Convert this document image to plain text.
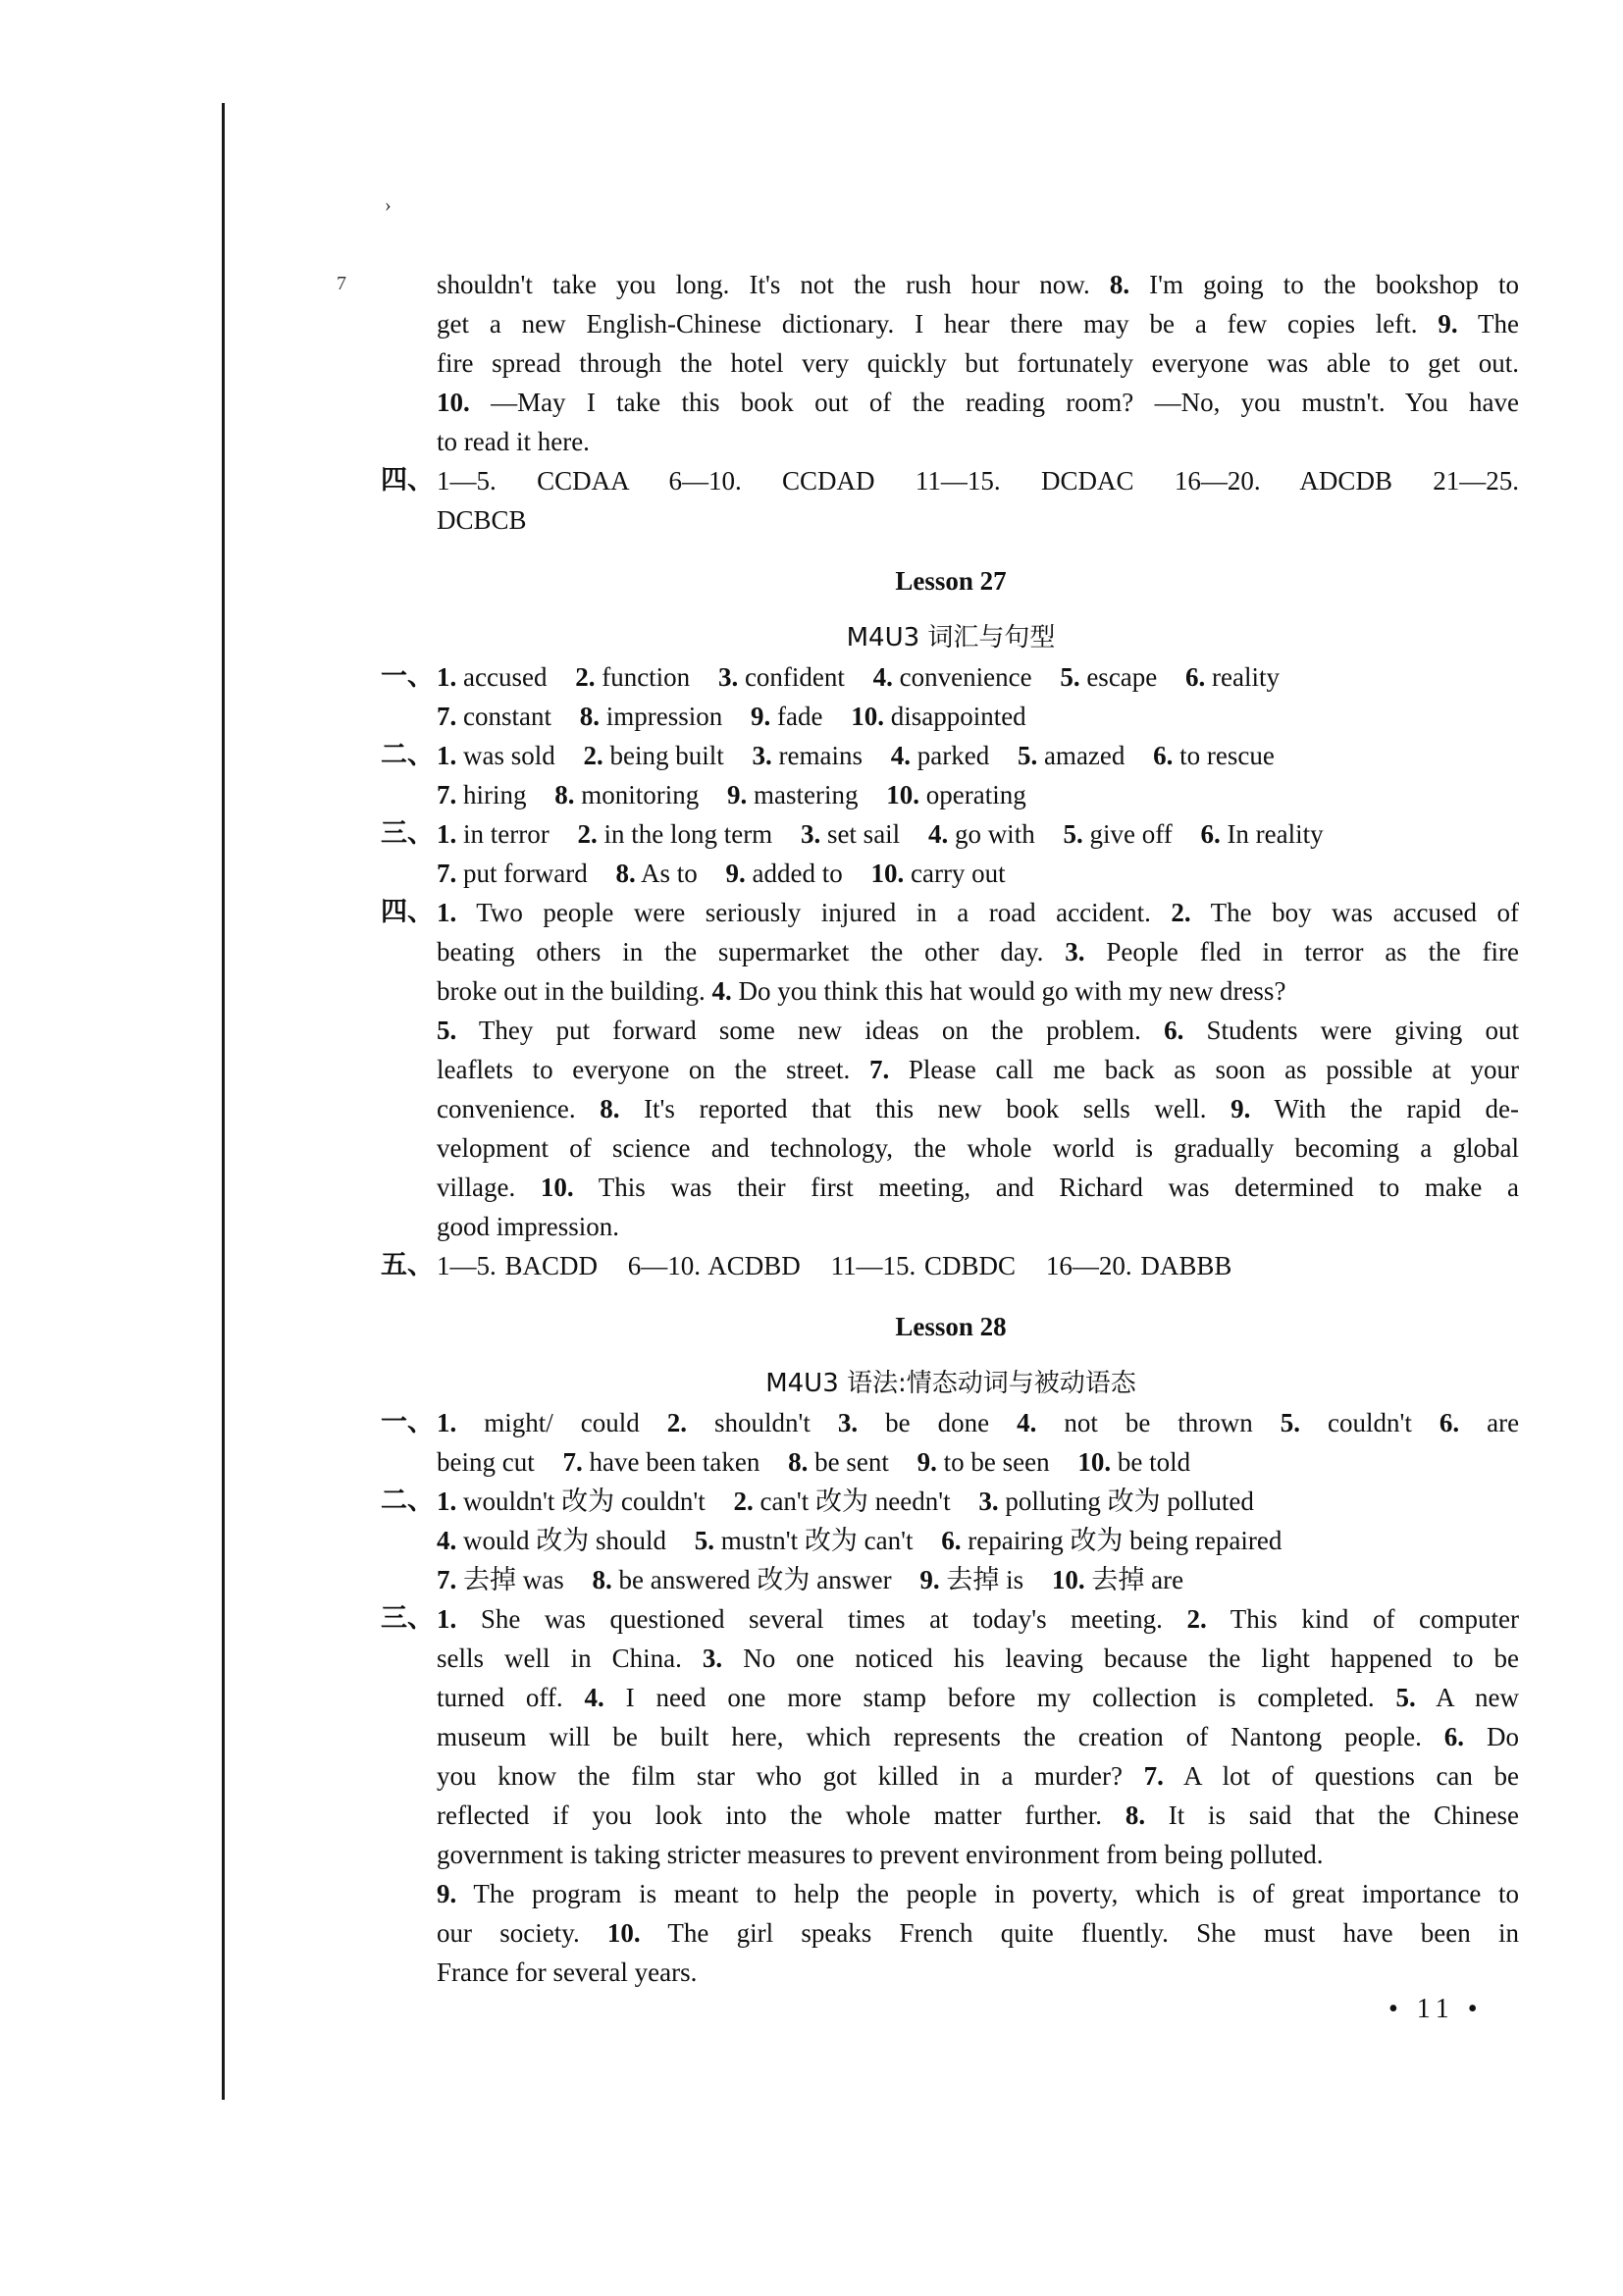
›
7	shouldn't take you long. It's not the rush hour now. 8. I'm going to the bookshop to
get a new English-Chinese dictionary. I hear there may be a few copies left. 9. The
fire spread through the hotel very quickly but fortunately everyone was able to get out.
10. —May I take this book out of the reading room? —No, you mustn't. You have
to read it here.
四、 1—5. CCDAA 6—10. CCDAD 11—15. DCDAC 16—20. ADCDB 21—25.
DCBCB
Lesson 27
M4U3 词汇与句型
一、 1. accused 2. function 3. confident 4. convenience 5. escape 6. reality
7. constant 8. impression 9. fade 10. disappointed
二、 1. was sold 2. being built 3. remains 4. parked 5. amazed 6. to rescue
7. hiring 8. monitoring 9. mastering 10. operating
三、 1. in terror 2. in the long term 3. set sail 4. go with 5. give off 6. In reality
7. put forward 8. As to 9. added to 10. carry out
四、 1. Two people were seriously injured in a road accident. 2. The boy was accused of
beating others in the supermarket the other day. 3. People fled in terror as the fire
broke out in the building. 4. Do you think this hat would go with my new dress?
5. They put forward some new ideas on the problem. 6. Students were giving out
leaflets to everyone on the street. 7. Please call me back as soon as possible at your
convenience. 8. It's reported that this new book sells well. 9. With the rapid de-
velopment of science and technology, the whole world is gradually becoming a global
village. 10. This was their first meeting, and Richard was determined to make a
good impression.
五、 1—5. BACDD 6—10. ACDBD 11—15. CDBDC 16—20. DABBB
Lesson 28
M4U3 语法:情态动词与被动语态
一、 1. might/ could 2. shouldn't 3. be done 4. not be thrown 5. couldn't 6. are
being cut 7. have been taken 8. be sent 9. to be seen 10. be told
二、 1. wouldn't 改为 couldn't 2. can't 改为 needn't 3. polluting 改为 polluted
4. would 改为 should 5. mustn't 改为 can't 6. repairing 改为 being repaired
7. 去掉 was 8. be answered 改为 answer 9. 去掉 is 10. 去掉 are
三、 1. She was questioned several times at today's meeting. 2. This kind of computer
sells well in China. 3. No one noticed his leaving because the light happened to be
turned off. 4. I need one more stamp before my collection is completed. 5. A new
museum will be built here, which represents the creation of Nantong people. 6. Do
you know the film star who got killed in a murder? 7. A lot of questions can be
reflected if you look into the whole matter further. 8. It is said that the Chinese
government is taking stricter measures to prevent environment from being polluted.
9. The program is meant to help the people in poverty, which is of great importance to
our society. 10. The girl speaks French quite fluently. She must have been in
France for several years.
• 11 •
